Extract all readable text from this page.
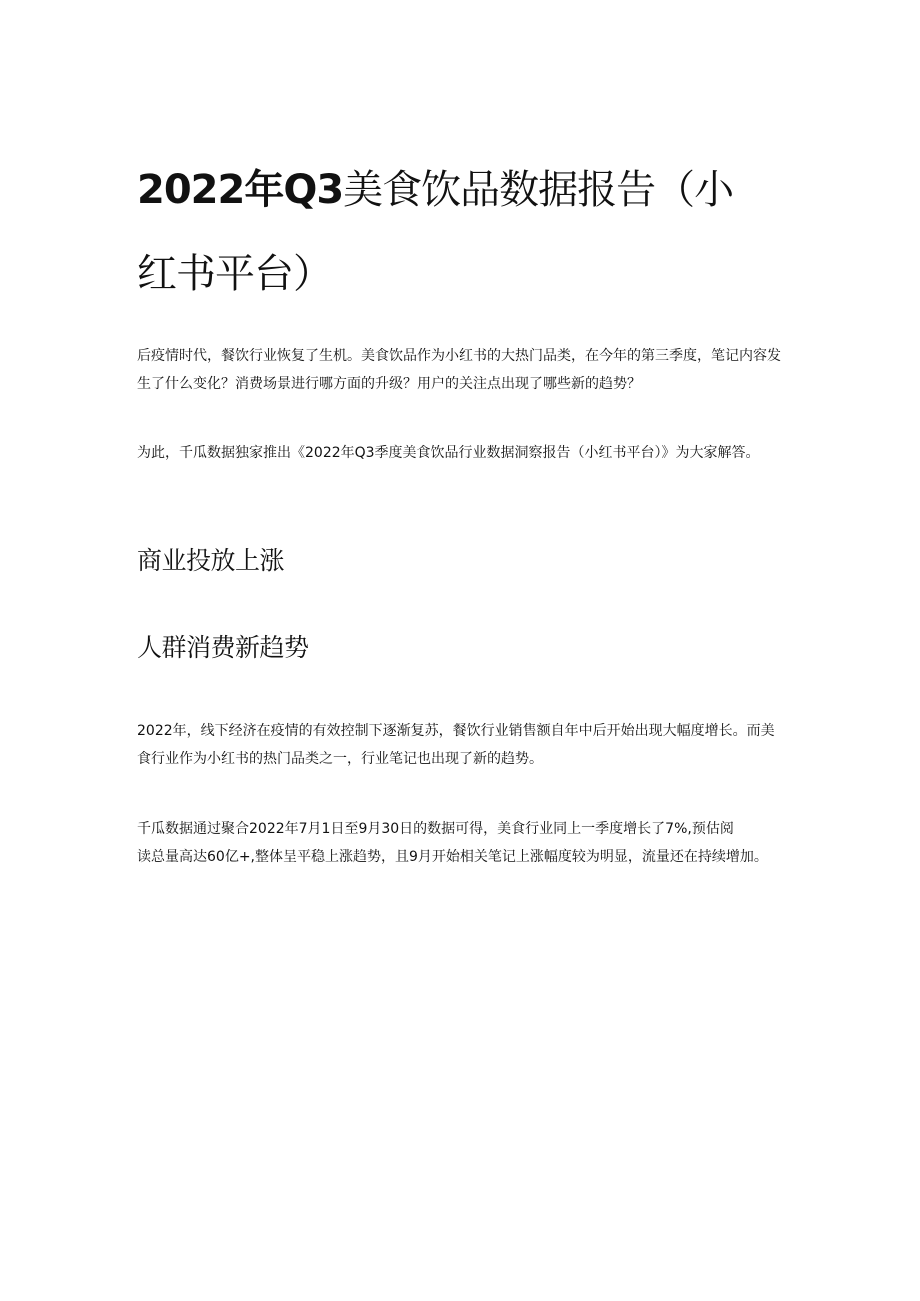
2022年Q3美食饮品数据报告（小
红书平台）

后疫情时代，餐饮行业恢复了生机。美食饮品作为小红书的大热门品类，在今年的第三季度，笔记内容发
生了什么变化？消费场景进行哪方面的升级？用户的关注点出现了哪些新的趋势？

为此，千瓜数据独家推出《2022年Q3季度美食饮品行业数据洞察报告（小红书平台）》为大家解答。

商业投放上涨
人群消费新趋势

2022年，线下经济在疫情的有效控制下逐渐复苏，餐饮行业销售额自年中后开始出现大幅度增长。而美
食行业作为小红书的热门品类之一，行业笔记也出现了新的趋势。

千瓜数据通过聚合2022年7月1日至9月30日的数据可得，美食行业同上一季度增长了7%,预估阅
读总量高达60亿+,整体呈平稳上涨趋势，且9月开始相关笔记上涨幅度较为明显，流量还在持续增加。
